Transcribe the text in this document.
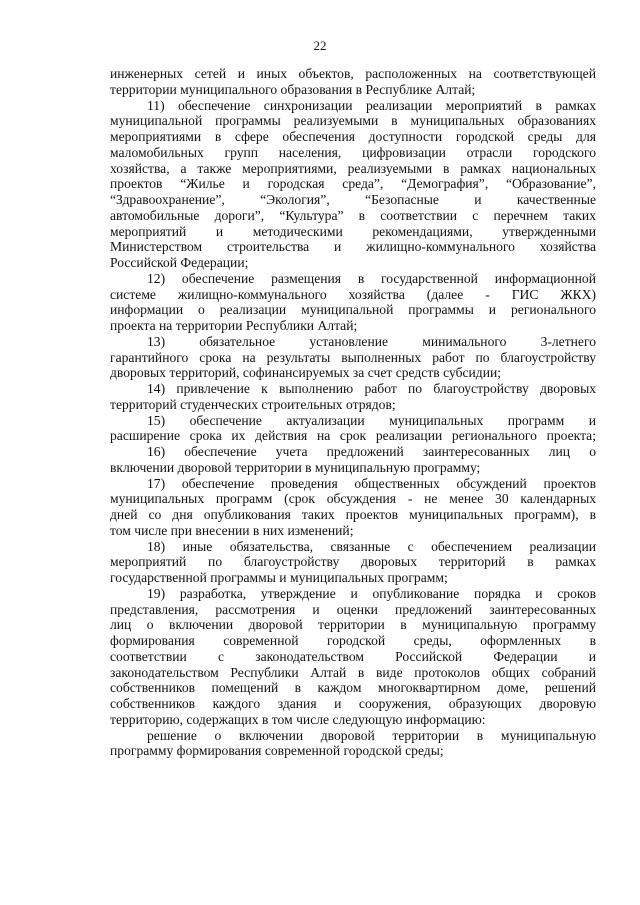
22
инженерных сетей и иных объектов, расположенных на соответствующей
территории муниципального образования в Республике Алтай;
11) обеспечение синхронизации реализации мероприятий в рамках
муниципальной программы реализуемыми в муниципальных образованиях
мероприятиями в сфере обеспечения доступности городской среды для
маломобильных групп населения, цифровизации отрасли городского
хозяйства, а также мероприятиями, реализуемыми в рамках национальных
проектов “Жилье и городская среда”, “Демография”, “Образование”,
“Здравоохранение”, “Экология”, “Безопасные и качественные
автомобильные дороги”, “Культура” в соответствии с перечнем таких
мероприятий и методическими рекомендациями, утвержденными
Министерством строительства и жилищно-коммунального хозяйства
Российской Федерации;
12) обеспечение размещения в государственной информационной
системе жилищно-коммунального хозяйства (далее - ГИС ЖКХ)
информации о реализации муниципальной программы и регионального
проекта на территории Республики Алтай;
13) обязательное установление минимального 3-летнего
гарантийного срока на результаты выполненных работ по благоустройству
дворовых территорий, софинансируемых за счет средств субсидии;
14) привлечение к выполнению работ по благоустройству дворовых
территорий студенческих строительных отрядов;
15) обеспечение актуализации муниципальных программ и
расширение срока их действия на срок реализации регионального проекта;
16) обеспечение учета предложений заинтересованных лиц о
включении дворовой территории в муниципальную программу;
17) обеспечение проведения общественных обсуждений проектов
муниципальных программ (срок обсуждения - не менее 30 календарных
дней со дня опубликования таких проектов муниципальных программ), в
том числе при внесении в них изменений;
18) иные обязательства, связанные с обеспечением реализации
мероприятий по благоустройству дворовых территорий в рамках
государственной программы и муниципальных программ;
19) разработка, утверждение и опубликование порядка и сроков
представления, рассмотрения и оценки предложений заинтересованных
лиц о включении дворовой территории в муниципальную программу
формирования современной городской среды, оформленных в
соответствии с законодательством Российской Федерации и
законодательством Республики Алтай в виде протоколов общих собраний
собственников помещений в каждом многоквартирном доме, решений
собственников каждого здания и сооружения, образующих дворовую
территорию, содержащих в том числе следующую информацию:
решение о включении дворовой территории в муниципальную
программу формирования современной городской среды;
